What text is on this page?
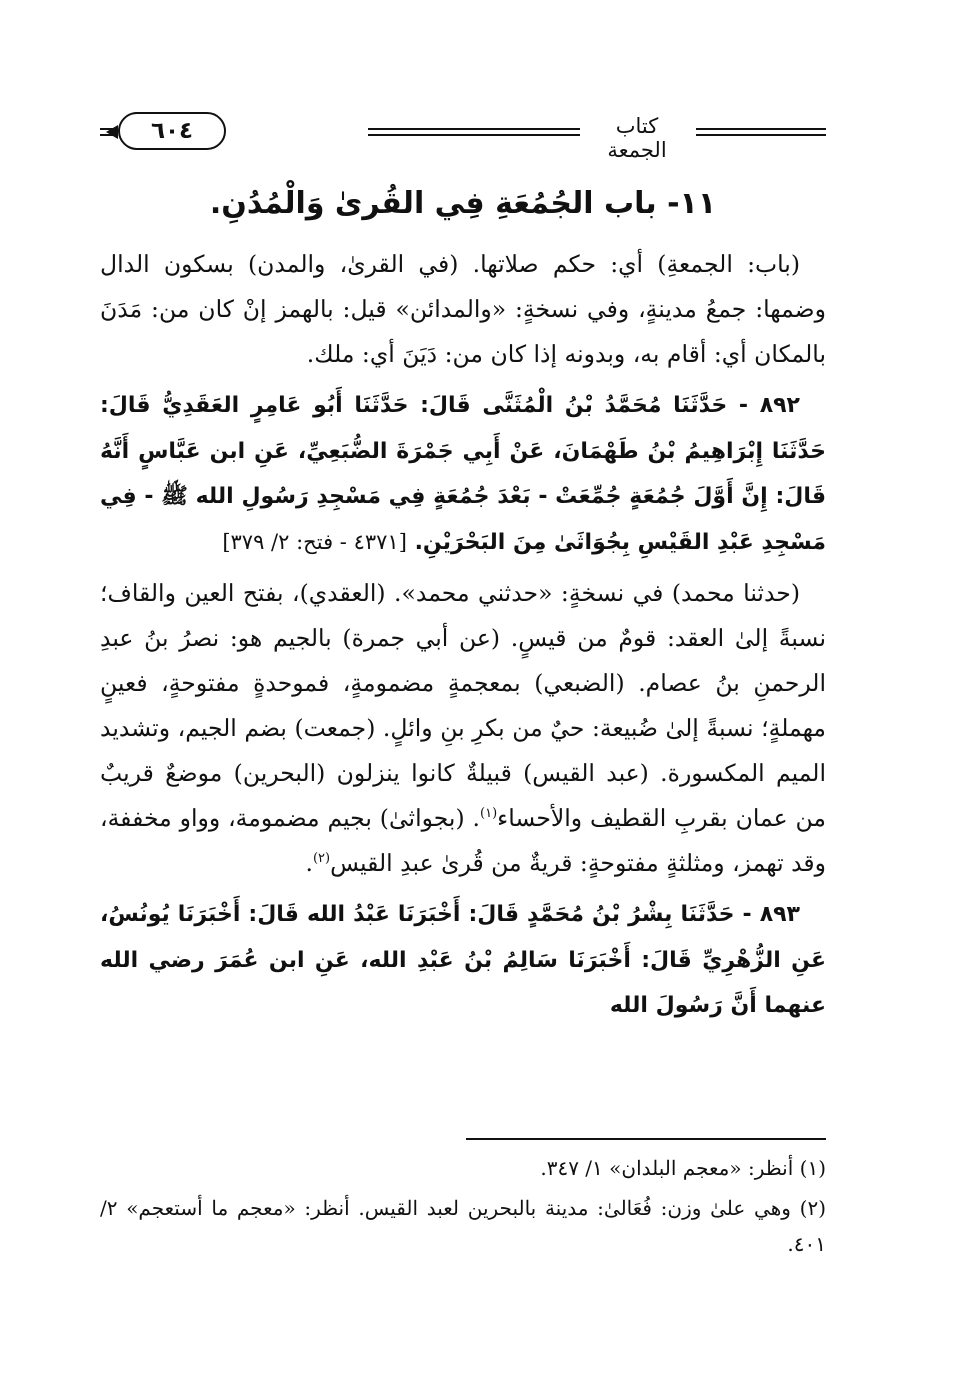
كتاب الجمعة
٦٠٤
١١- باب الجُمُعَةِ فِي القُرىٰ وَالْمُدُنِ.

(باب: الجمعةِ) أي: حكم صلاتها. (في القرىٰ، والمدن) بسكون الدال وضمها: جمعُ مدينةٍ، وفي نسخةٍ: «والمدائن» قيل: بالهمز إنْ كان من: مَدَنَ بالمكان أي: أقام به، وبدونه إذا كان من: دَيَنَ أي: ملك.

٨٩٢ - حَدَّثَنَا مُحَمَّدُ بْنُ الْمُثَنَّى قَالَ: حَدَّثَنَا أَبُو عَامِرٍ العَقَدِيُّ قَالَ: حَدَّثَنَا إِبْرَاهِيمُ بْنُ طَهْمَانَ، عَنْ أَبِي جَمْرَةَ الضُّبَعِيِّ، عَنِ ابن عَبَّاسٍ أَنَّهُ قَالَ: إِنَّ أَوَّلَ جُمُعَةٍ جُمِّعَتْ - بَعْدَ جُمُعَةٍ فِي مَسْجِدِ رَسُولِ الله ﷺ - فِي مَسْجِدِ عَبْدِ القَيْسِ بِجُوَاثَىٰ مِنَ البَحْرَيْنِ. [٤٣٧١ - فتح: ٢/ ٣٧٩]

(حدثنا محمد) في نسخةٍ: «حدثني محمد». (العقدي)، بفتح العين والقاف؛ نسبةً إلىٰ العقد: قومٌ من قيسٍ. (عن أبي جمرة) بالجيم هو: نصرُ بنُ عبدِ الرحمنِ بنُ عصام. (الضبعي) بمعجمةٍ مضمومةٍ، فموحدةٍ مفتوحةٍ، فعينٍ مهملةٍ؛ نسبةً إلىٰ ضُبيعة: حيٌ من بكرِ بنِ وائلٍ. (جمعت) بضم الجيم، وتشديد الميم المكسورة. (عبد القيس) قبيلةٌ كانوا ينزلون (البحرين) موضعٌ قريبٌ من عمان بقربِ القطيف والأحساء$^{(١)}$. (بجواثىٰ) بجيم مضمومة، وواو مخففة، وقد تهمز، ومثلثةٍ مفتوحةٍ: قريةٌ من قُرىٰ عبدِ القيس$^{(٢)}$.

٨٩٣ - حَدَّثَنَا بِشْرُ بْنُ مُحَمَّدٍ قَالَ: أَخْبَرَنَا عَبْدُ الله قَالَ: أَخْبَرَنَا يُونُسُ، عَنِ الزُّهْرِيِّ قَالَ: أَخْبَرَنَا سَالِمُ بْنُ عَبْدِ الله، عَنِ ابن عُمَرَ رضي الله عنهما أَنَّ رَسُولَ الله

(١) أنظر: «معجم البلدان» ١/ ٣٤٧.

(٢) وهي علىٰ وزن: فُعَالىٰ: مدينة بالبحرين لعبد القيس. أنظر: «معجم ما أستعجم» ٢/ ٤٠١.
